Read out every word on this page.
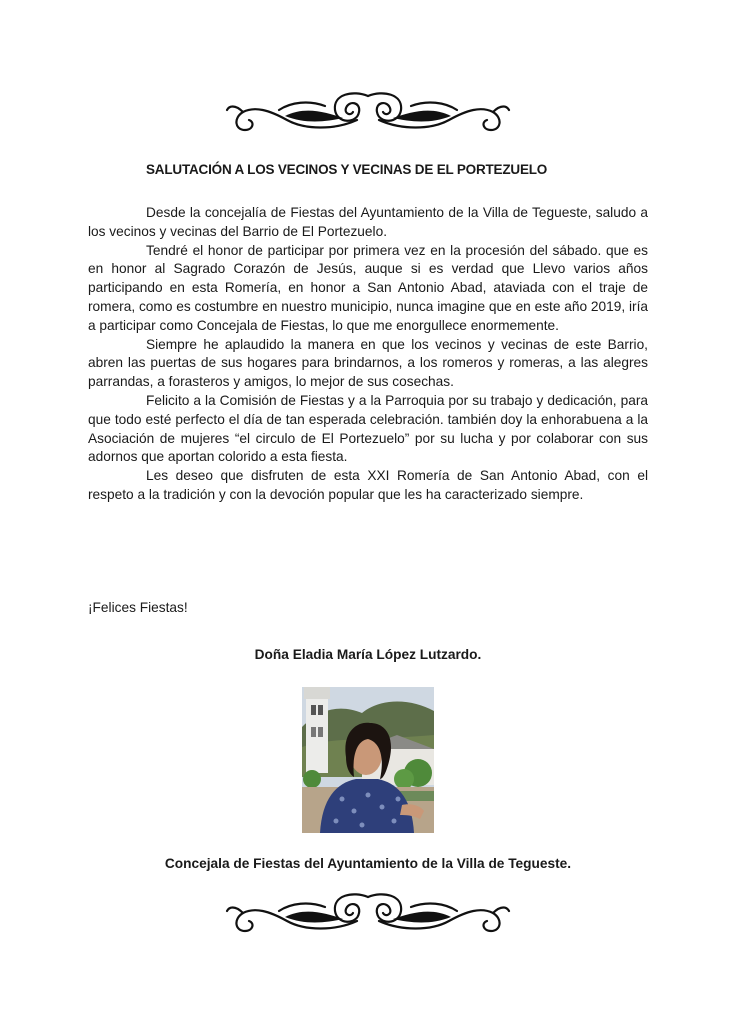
SALUTACIÓN A LOS VECINOS Y VECINAS DE EL PORTEZUELO

Desde la concejalía de Fiestas del Ayuntamiento de la Villa de Tegueste, saludo a los vecinos y vecinas del Barrio de El Portezuelo.

Tendré el honor de participar por primera vez en la procesión del sábado. que es en honor al Sagrado Corazón de Jesús, auque si es verdad que Llevo varios años participando en esta Romería, en honor a San Antonio Abad, ataviada con el traje de romera, como es costumbre en nuestro municipio, nunca imagine que en este año 2019, iría a participar como Concejala de Fiestas, lo que me enorgullece enormemente.

Siempre he aplaudido la manera en que los vecinos y vecinas de este Barrio, abren las puertas de sus hogares para brindarnos, a los romeros y romeras, a las alegres parrandas, a forasteros y amigos, lo mejor de sus cosechas.

Felicito a la Comisión de Fiestas y a la Parroquia por su trabajo y dedicación, para que todo esté perfecto el día de tan esperada celebración. también doy la enhorabuena a la Asociación de mujeres “el circulo de El Portezuelo” por su lucha y por colaborar con sus adornos que aportan colorido a esta fiesta.

Les deseo que disfruten de esta XXI Romería de San Antonio Abad, con el respeto a la tradición y con la devoción popular que les ha caracterizado siempre.

¡Felices Fiestas!
Doña Eladia María López Lutzardo.
Concejala de Fiestas del Ayuntamiento de la Villa de Tegueste.
